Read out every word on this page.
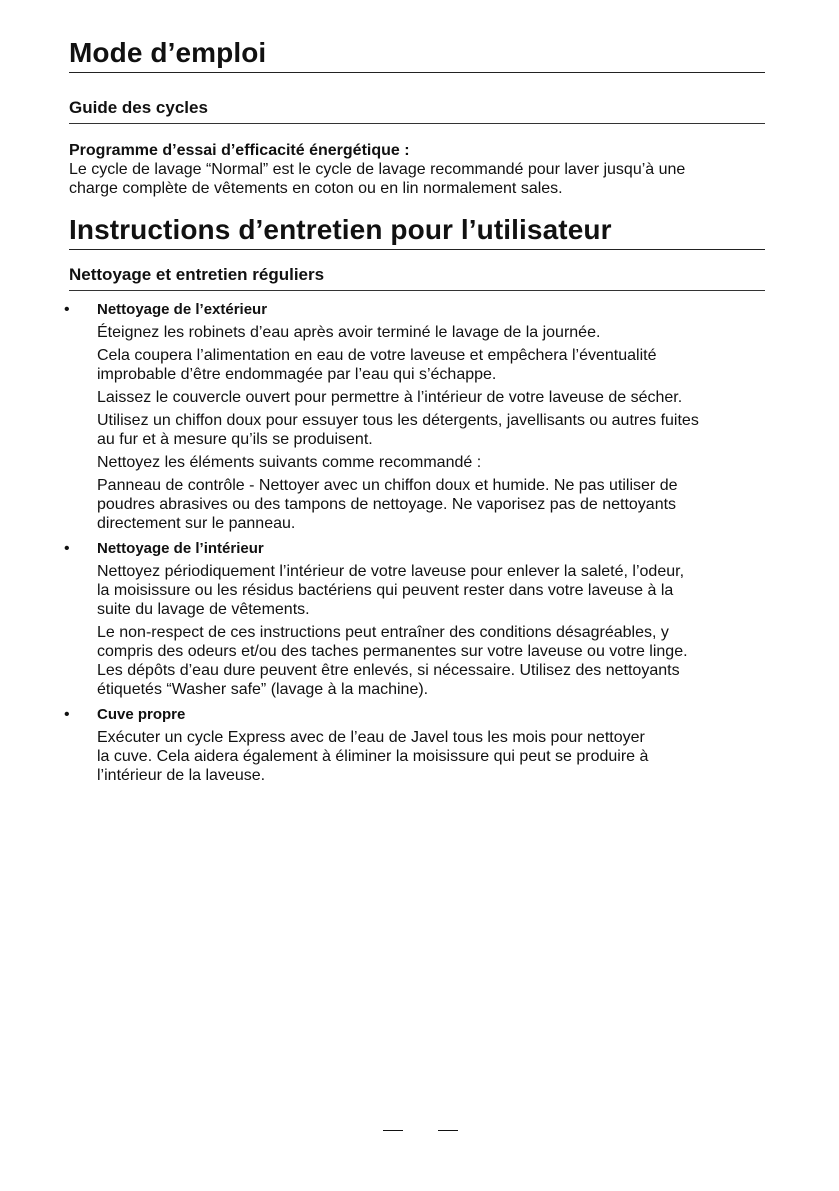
Mode d’emploi
Guide des cycles
Programme d’essai d’efficacité énergétique :
Le cycle de lavage “Normal” est le cycle de lavage recommandé pour laver jusqu’à une
charge complète de vêtements en coton ou en lin normalement sales.
Instructions d’entretien pour l’utilisateur
Nettoyage et entretien réguliers
• Nettoyage de l’extérieur
Éteignez les robinets d’eau après avoir terminé le lavage de la journée.
Cela coupera l’alimentation en eau de votre laveuse et empêchera l’éventualité
improbable d’être endommagée par l’eau qui s’échappe.
Laissez le couvercle ouvert pour permettre à l’intérieur de votre laveuse de sécher.
Utilisez un chiffon doux pour essuyer tous les détergents, javellisants ou autres fuites
au fur et à mesure qu’ils se produisent.
Nettoyez les éléments suivants comme recommandé :
Panneau de contrôle - Nettoyer avec un chiffon doux et humide. Ne pas utiliser de
poudres abrasives ou des tampons de nettoyage. Ne vaporisez pas de nettoyants
directement sur le panneau.
• Nettoyage de l’intérieur
Nettoyez périodiquement l’intérieur de votre laveuse pour enlever la saleté, l’odeur,
la moisissure ou les résidus bactériens qui peuvent rester dans votre laveuse à la
suite du lavage de vêtements.
Le non-respect de ces instructions peut entraîner des conditions désagréables, y
compris des odeurs et/ou des taches permanentes sur votre laveuse ou votre linge.
Les dépôts d’eau dure peuvent être enlevés, si nécessaire. Utilisez des nettoyants
étiquetés “Washer safe” (lavage à la machine).
• Cuve propre
Exécuter un cycle Express avec de l’eau de Javel tous les mois pour nettoyer
la cuve. Cela aidera également à éliminer la moisissure qui peut se produire à
l’intérieur de la laveuse.
